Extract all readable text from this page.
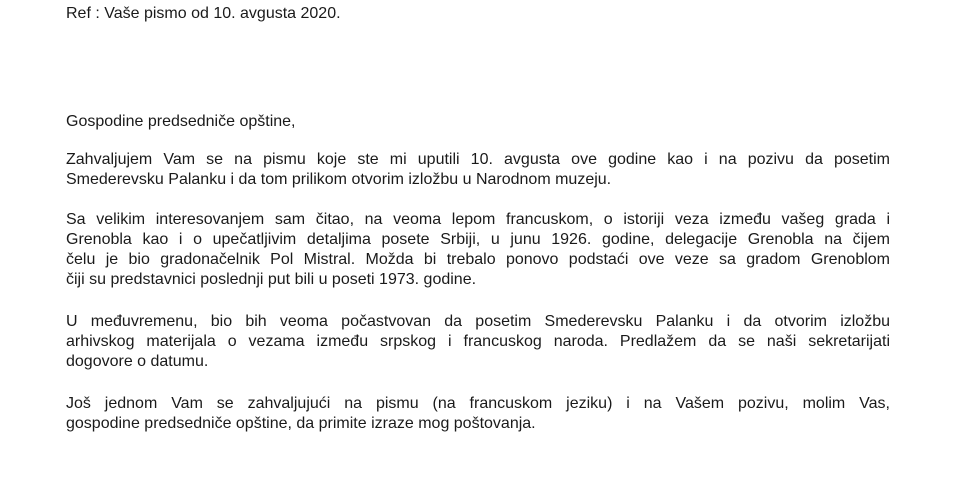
Ref : Vaše pismo od 10. avgusta 2020.
Gospodine predsedniče opštine,
Zahvaljujem Vam se na pismu koje ste mi uputili 10. avgusta ove godine kao i na pozivu da posetim
Smederevsku Palanku i da tom prilikom otvorim izložbu u Narodnom muzeju.
Sa velikim interesovanjem sam čitao, na veoma lepom francuskom, o istoriji veza između vašeg grada i
Grenobla kao i o upečatljivim detaljima posete Srbiji, u junu 1926. godine, delegacije Grenobla na čijem
čelu je bio gradonačelnik Pol Mistral. Možda bi trebalo ponovo podstaći ove veze sa gradom Grenoblom
čiji su predstavnici poslednji put bili u poseti 1973. godine.
U međuvremenu, bio bih veoma počastvovan da posetim Smederevsku Palanku i da otvorim izložbu
arhivskog materijala o vezama između srpskog i francuskog naroda. Predlažem da se naši sekretarijati
dogovore o datumu.
Još jednom Vam se zahvaljujući na pismu (na francuskom jeziku) i na Vašem pozivu, molim Vas,
gospodine predsedniče opštine, da primite izraze mog poštovanja.
